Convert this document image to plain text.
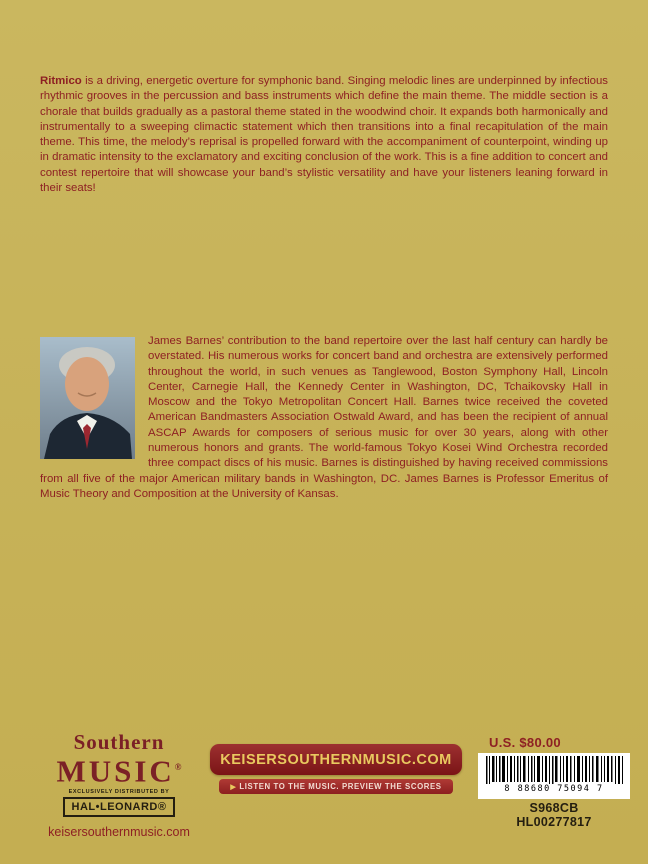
Ritmico is a driving, energetic overture for symphonic band. Singing melodic lines are underpinned by infectious rhythmic grooves in the percussion and bass instruments which define the main theme. The middle section is a chorale that builds gradually as a pastoral theme stated in the woodwind choir. It expands both harmonically and instrumentally to a sweeping climactic statement which then transitions into a final recapitulation of the main theme. This time, the melody’s reprisal is propelled forward with the accompaniment of counterpoint, winding up in dramatic intensity to the exclamatory and exciting conclusion of the work. This is a fine addition to concert and contest repertoire that will showcase your band’s stylistic versatility and have your listeners leaning forward in their seats!

James Barnes’ contribution to the band repertoire over the last half century can hardly be overstated. His numerous works for concert band and orchestra are extensively performed throughout the world, in such venues as Tanglewood, Boston Symphony Hall, Lincoln Center, Carnegie Hall, the Kennedy Center in Washington, DC, Tchaikovsky Hall in Moscow and the Tokyo Metropolitan Concert Hall. Barnes twice received the coveted American Bandmasters Association Ostwald Award, and has been the recipient of annual ASCAP Awards for composers of serious music for over 30 years, along with other numerous honors and grants. The world-famous Tokyo Kosei Wind Orchestra recorded three compact discs of his music. Barnes is distinguished by having received commissions from all five of the major American military bands in Washington, DC. James Barnes is Professor Emeritus of Music Theory and Composition at the University of Kansas.
Southern
MUSIC®
EXCLUSIVELY DISTRIBUTED BY
HAL•LEONARD®
keisersouthernmusic.com
KEISERSOUTHERNMUSIC.COM
▶ LISTEN TO THE MUSIC. PREVIEW THE SCORES
U.S. $80.00
8 88680 75094 7
S968CB
HL00277817
